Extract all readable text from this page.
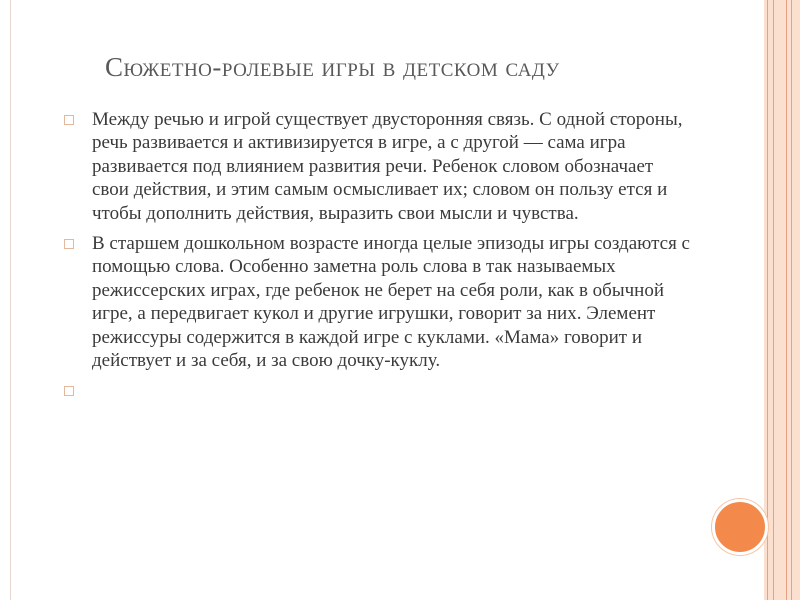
Сюжетно-ролевые игры в детском саду
Между речью и игрой существует двусторонняя связь. С одной стороны, речь развивается и активизируется в игре, а с другой — сама игра развивается под влиянием развития речи. Ребенок словом обозначает свои действия, и этим самым осмысливает их; словом он пользу ется и чтобы дополнить действия, выразить свои мысли и чувства.
В старшем дошкольном возрасте иногда целые эпизоды игры создаются с помощью слова. Особенно заметна роль слова в так называемых режиссерских играх, где ребенок не берет на себя роли, как в обычной игре, а передвигает кукол и другие игрушки, говорит за них. Элемент режиссуры содержится в каждой игре с куклами. «Мама» говорит и действует и за себя, и за свою дочку-куклу.
